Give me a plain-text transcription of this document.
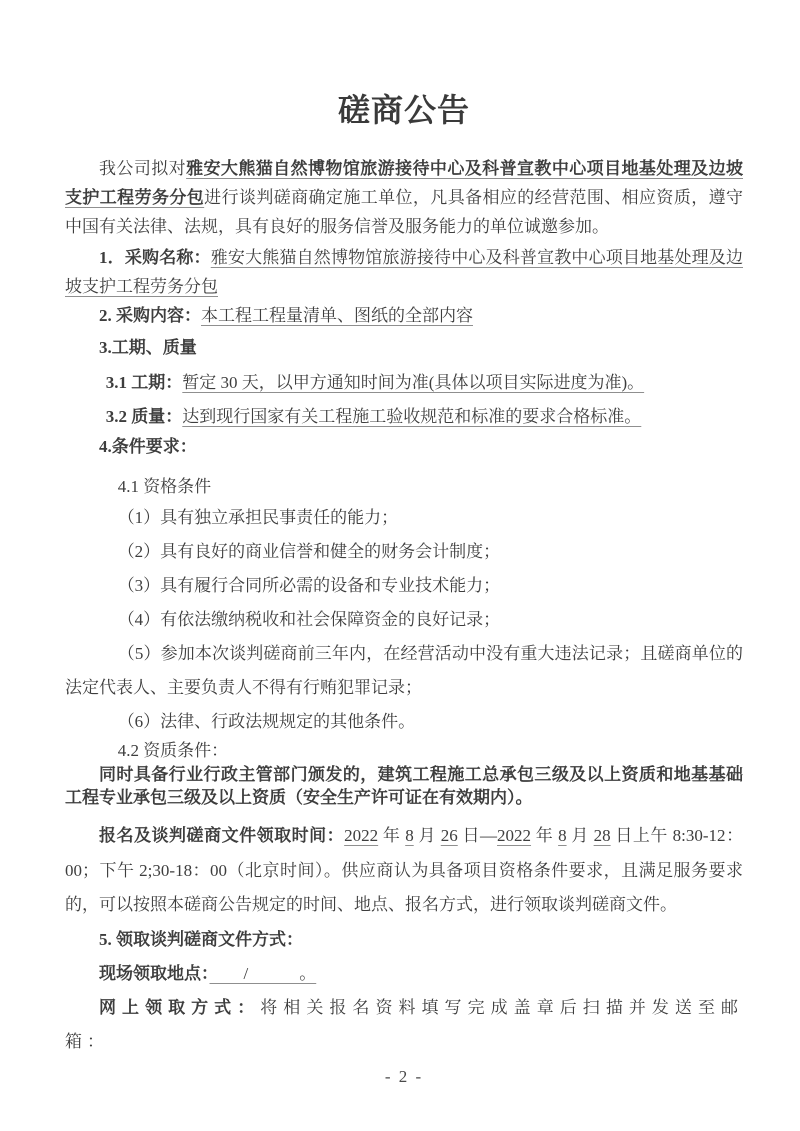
磋商公告

我公司拟对雅安大熊猫自然博物馆旅游接待中心及科普宣教中心项目地基处理及边坡支护工程劳务分包进行谈判磋商确定施工单位，凡具备相应的经营范围、相应资质，遵守中国有关法律、法规，具有良好的服务信誉及服务能力的单位诚邀参加。

1．采购名称：雅安大熊猫自然博物馆旅游接待中心及科普宣教中心项目地基处理及边坡支护工程劳务分包

2. 采购内容：本工程工程量清单、图纸的全部内容

3.工期、质量

3.1 工期：暂定 30 天，以甲方通知时间为准(具体以项目实际进度为准)。

3.2 质量：达到现行国家有关工程施工验收规范和标准的要求合格标准。

4.条件要求：

4.1 资格条件

（1）具有独立承担民事责任的能力；

（2）具有良好的商业信誉和健全的财务会计制度；

（3）具有履行合同所必需的设备和专业技术能力；

（4）有依法缴纳税收和社会保障资金的良好记录；

（5）参加本次谈判磋商前三年内，在经营活动中没有重大违法记录；且磋商单位的法定代表人、主要负责人不得有行贿犯罪记录；

（6）法律、行政法规规定的其他条件。

4.2 资质条件：

同时具备行业行政主管部门颁发的，建筑工程施工总承包三级及以上资质和地基基础工程专业承包三级及以上资质（安全生产许可证在有效期内）。

报名及谈判磋商文件领取时间：2022 年 8 月 26 日—2022 年 8 月 28 日上午 8:30-12：00；下午 2;30-18：00（北京时间）。供应商认为具备项目资格条件要求，且满足服务要求的，可以按照本磋商公告规定的时间、地点、报名方式，进行领取谈判磋商文件。

5. 领取谈判磋商文件方式：

现场领取地点：　　/　　　。

网上领取方式：将相关报名资料填写完成盖章后扫描并发送至邮箱：

- 2 -
